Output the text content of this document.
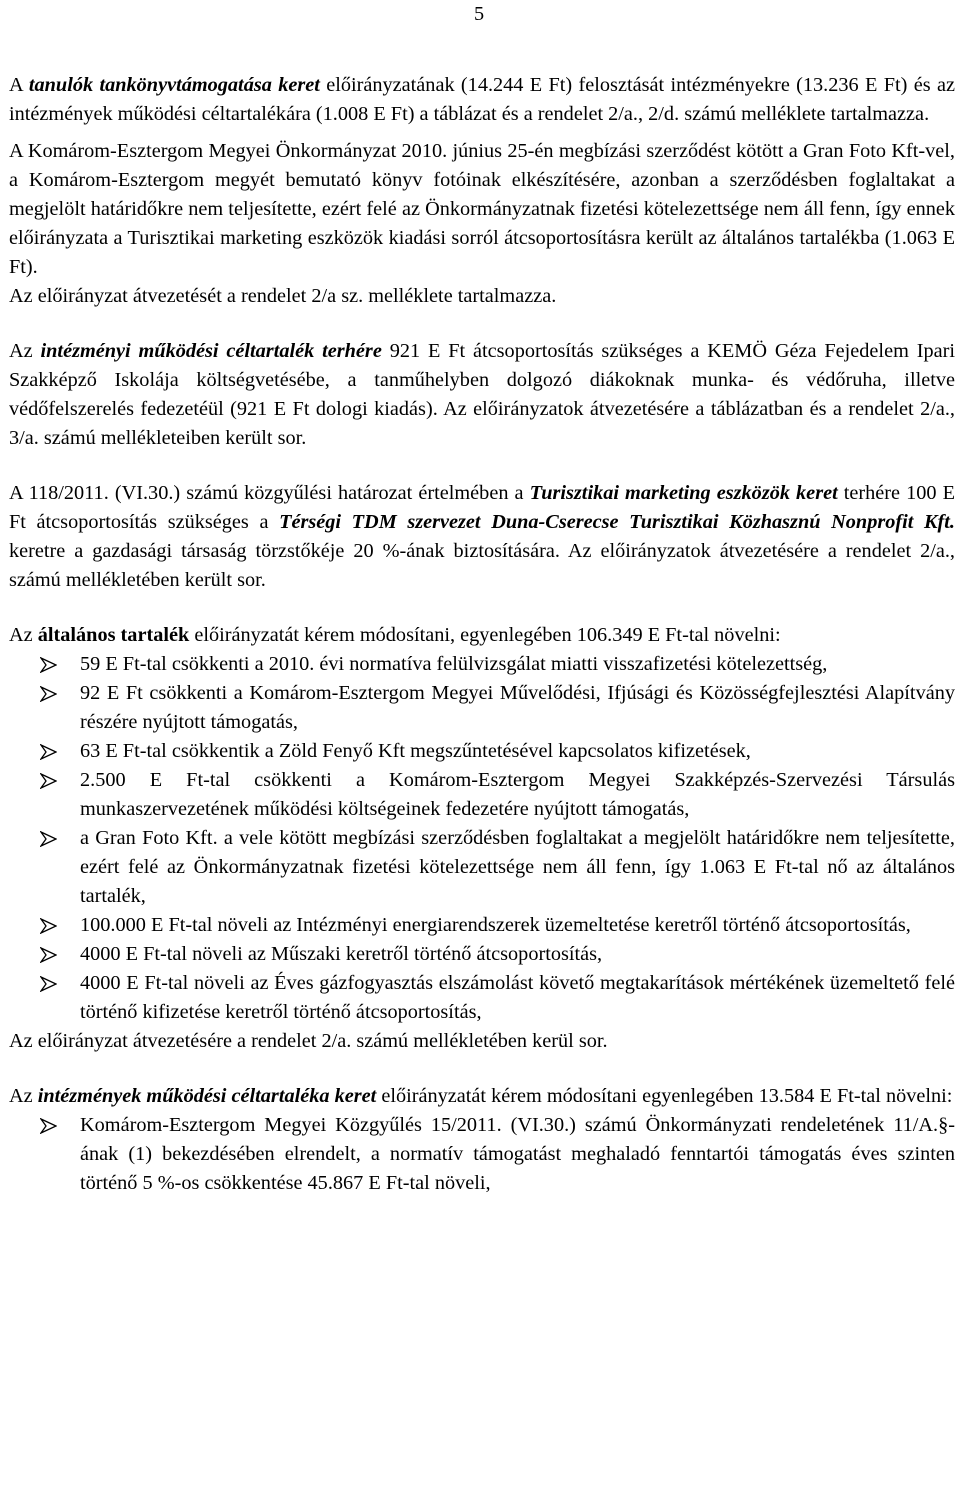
5

A tanulók tankönyvtámogatása keret előirányzatának (14.244 E Ft) felosztását intézményekre (13.236 E Ft) és az intézmények működési céltartalékára (1.008 E Ft) a táblázat és a rendelet 2/a., 2/d. számú melléklete tartalmazza.

A Komárom-Esztergom Megyei Önkormányzat 2010. június 25-én megbízási szerződést kötött a Gran Foto Kft-vel, a Komárom-Esztergom megyét bemutató könyv fotóinak elkészítésére, azonban a szerződésben foglaltakat a megjelölt határidőkre nem teljesítette, ezért felé az Önkormányzatnak fizetési kötelezettsége nem áll fenn, így ennek előirányzata a Turisztikai marketing eszközök kiadási sorról átcsoportosításra került az általános tartalékba (1.063 E Ft).

Az előirányzat átvezetését a rendelet 2/a sz. melléklete tartalmazza.

Az intézményi működési céltartalék terhére 921 E Ft átcsoportosítás szükséges a KEMÖ Géza Fejedelem Ipari Szakképző Iskolája költségvetésébe, a tanműhelyben dolgozó diákoknak munka- és védőruha, illetve védőfelszerelés fedezetéül (921 E Ft dologi kiadás). Az előirányzatok átvezetésére a táblázatban és a rendelet 2/a., 3/a. számú mellékleteiben került sor.

A 118/2011. (VI.30.) számú közgyűlési határozat értelmében a Turisztikai marketing eszközök keret terhére 100 E Ft átcsoportosítás szükséges a Térségi TDM szervezet Duna-Cserecse Turisztikai Közhasznú Nonprofit Kft. keretre a gazdasági társaság törzstőkéje 20 %-ának biztosítására. Az előirányzatok átvezetésére a rendelet 2/a., számú mellékletében került sor.

Az általános tartalék előirányzatát kérem módosítani, egyenlegében 106.349 E Ft-tal növelni:

59 E Ft-tal csökkenti a 2010. évi normatíva felülvizsgálat miatti visszafizetési kötelezettség,
92 E Ft csökkenti a Komárom-Esztergom Megyei Művelődési, Ifjúsági és Közösségfejlesztési Alapítvány részére nyújtott támogatás,
63 E Ft-tal csökkentik a Zöld Fenyő Kft megszűntetésével kapcsolatos kifizetések,
2.500 E Ft-tal csökkenti a Komárom-Esztergom Megyei Szakképzés-Szervezési Társulás munkaszervezetének működési költségeinek fedezetére nyújtott támogatás,
a Gran Foto Kft. a vele kötött megbízási szerződésben foglaltakat a megjelölt határidőkre nem teljesítette, ezért felé az Önkormányzatnak fizetési kötelezettsége nem áll fenn, így 1.063 E Ft-tal nő az általános tartalék,
100.000 E Ft-tal növeli az Intézményi energiarendszerek üzemeltetése keretről történő átcsoportosítás,
4000 E Ft-tal növeli az Műszaki keretről történő átcsoportosítás,
4000 E Ft-tal növeli az Éves gázfogyasztás elszámolást követő megtakarítások mértékének üzemeltető felé történő kifizetése keretről történő átcsoportosítás,

Az előirányzat átvezetésére a rendelet 2/a. számú mellékletében kerül sor.

Az intézmények működési céltartaléka keret előirányzatát kérem módosítani egyenlegében 13.584 E Ft-tal növelni:

Komárom-Esztergom Megyei Közgyűlés 15/2011. (VI.30.) számú Önkormányzati rendeletének 11/A.§-ának (1) bekezdésében elrendelt, a normatív támogatást meghaladó fenntartói támogatás éves szinten történő 5 %-os csökkentése 45.867 E Ft-tal növeli,
